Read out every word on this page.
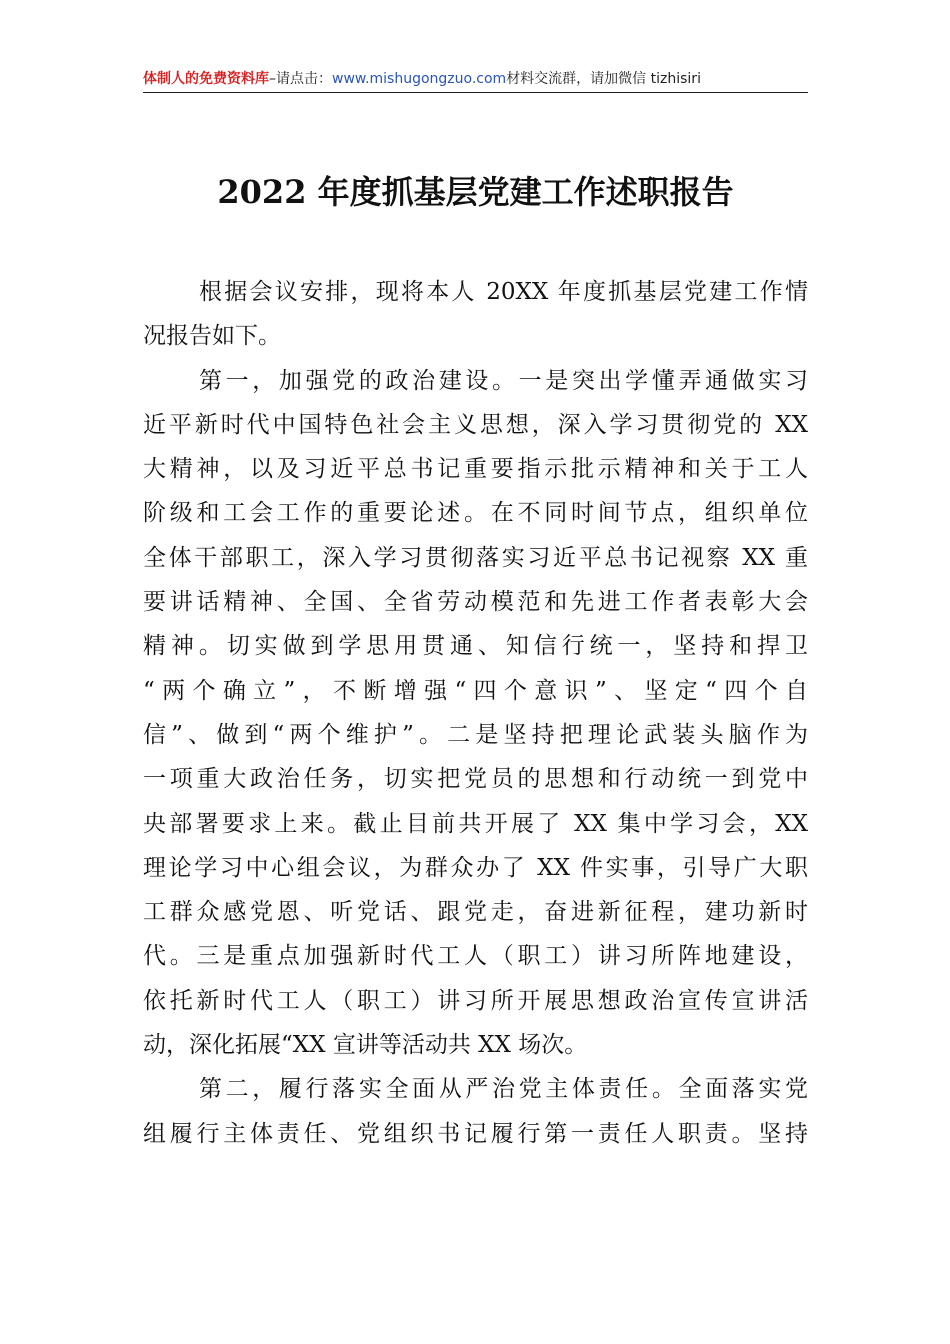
体制人的免费资料库–请点击：www.mishugongzuo.com材料交流群，请加微信 tizhisiri
2022 年度抓基层党建工作述职报告
根据会议安排，现将本人 20XX 年度抓基层党建工作情
况报告如下。
第一，加强党的政治建设。一是突出学懂弄通做实习
近平新时代中国特色社会主义思想，深入学习贯彻党的 XX
大精神，以及习近平总书记重要指示批示精神和关于工人
阶级和工会工作的重要论述。在不同时间节点，组织单位
全体干部职工，深入学习贯彻落实习近平总书记视察 XX 重
要讲话精神、全国、全省劳动模范和先进工作者表彰大会
精神。切实做到学思用贯通、知信行统一，坚持和捍卫
“两个确立”，不断增强“四个意识”、坚定“四个自
信”、做到“两个维护”。二是坚持把理论武装头脑作为
一项重大政治任务，切实把党员的思想和行动统一到党中
央部署要求上来。截止目前共开展了 XX 集中学习会，XX
理论学习中心组会议，为群众办了 XX 件实事，引导广大职
工群众感党恩、听党话、跟党走，奋进新征程，建功新时
代。三是重点加强新时代工人（职工）讲习所阵地建设，
依托新时代工人（职工）讲习所开展思想政治宣传宣讲活
动，深化拓展“XX 宣讲等活动共 XX 场次。
第二，履行落实全面从严治党主体责任。全面落实党
组履行主体责任、党组织书记履行第一责任人职责。坚持
